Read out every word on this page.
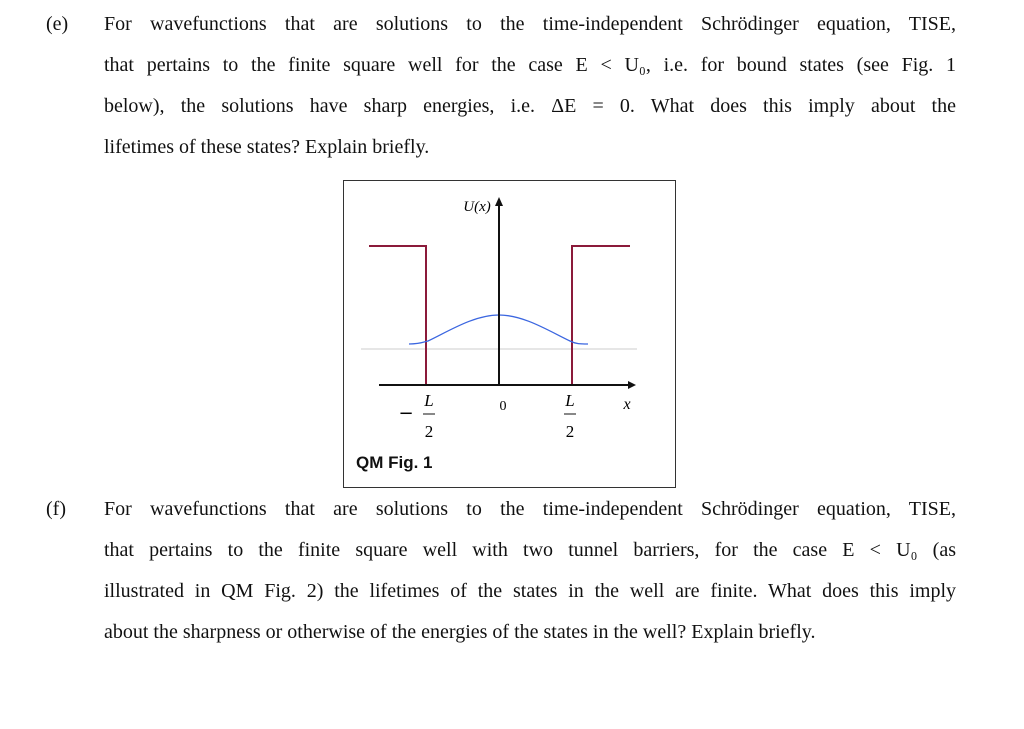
(e) For wavefunctions that are solutions to the time-independent Schrödinger equation, TISE,
that pertains to the finite square well for the case E < U₀, i.e. for bound states (see Fig. 1
below), the solutions have sharp energies, i.e. ΔE = 0. What does this imply about the
lifetimes of these states? Explain briefly.
U(x)
x
−
L
2
0	L
2
QM Fig. 1
(f) For wavefunctions that are solutions to the time-independent Schrödinger equation, TISE,
that pertains to the finite square well with two tunnel barriers, for the case E < U₀ (as
illustrated in QM Fig. 2) the lifetimes of the states in the well are finite. What does this imply
about the sharpness or otherwise of the energies of the states in the well? Explain briefly.
